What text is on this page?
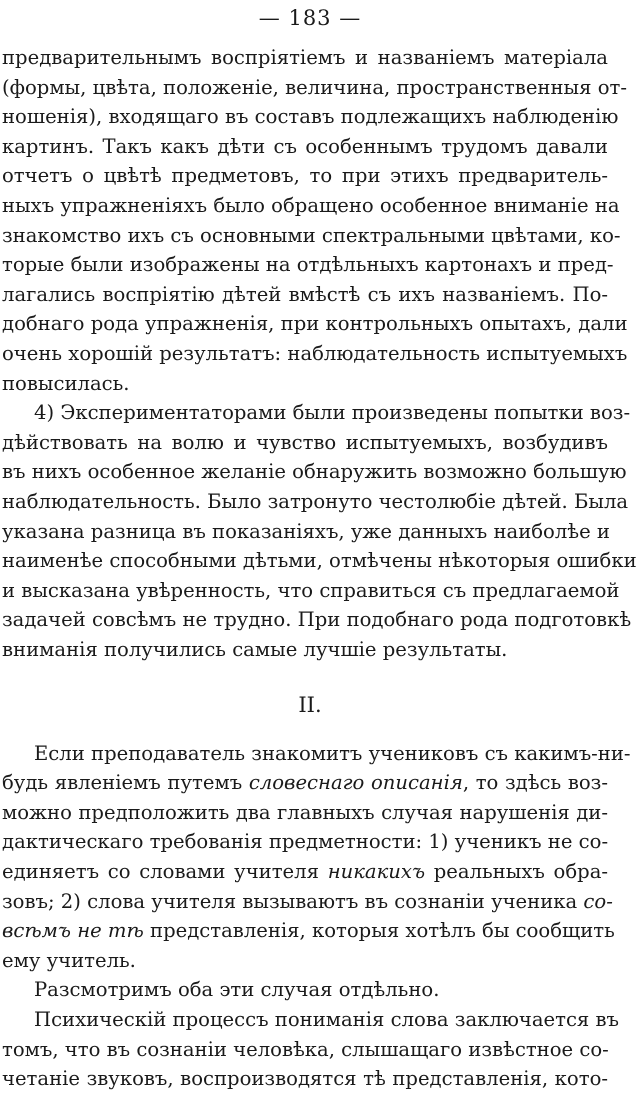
— 183 —
предварительнымъ воспріятіемъ и названіемъ матеріала
(формы, цвѣта, положеніе, величина, пространственныя от-
ношенія), входящаго въ составъ подлежащихъ наблюденію
картинъ. Такъ какъ дѣти съ особеннымъ трудомъ давали
отчетъ о цвѣтѣ предметовъ, то при этихъ предваритель-
ныхъ упражненіяхъ было обращено особенное вниманіе на
знакомство ихъ съ основными спектральными цвѣтами, ко-
торые были изображены на отдѣльныхъ картонахъ и пред-
лагались воспріятію дѣтей вмѣстѣ съ ихъ названіемъ. По-
добнаго рода упражненія, при контрольныхъ опытахъ, дали
очень хорошій результатъ: наблюдательность испытуемыхъ
повысилась.
4) Экспериментаторами были произведены попытки воз-
дѣйствовать на волю и чувство испытуемыхъ, возбудивъ
въ нихъ особенное желаніе обнаружить возможно большую
наблюдательность. Было затронуто честолюбіе дѣтей. Была
указана разница въ показаніяхъ, уже данныхъ наиболѣе и
наименѣе способными дѣтьми, отмѣчены нѣкоторыя ошибки
и высказана увѣренность, что справиться съ предлагаемой
задачей совсѣмъ не трудно. При подобнаго рода подготовкѣ
вниманія получились самые лучшіе результаты.
II.
Если преподаватель знакомитъ учениковъ съ какимъ-ни-
будь явленіемъ путемъ словеснаго описанія, то здѣсь воз-
можно предположить два главныхъ случая нарушенія ди-
дактическаго требованія предметности: 1) ученикъ не со-
единяетъ со словами учителя никакихъ реальныхъ обра-
зовъ; 2) слова учителя вызываютъ въ сознаніи ученика со-
всѣмъ не тѣ представленія, которыя хотѣлъ бы сообщить
ему учитель.
Разсмотримъ оба эти случая отдѣльно.
Психическій процессъ пониманія слова заключается въ
томъ, что въ сознаніи человѣка, слышащаго извѣстное со-
четаніе звуковъ, воспроизводятся тѣ представленія, кото-
